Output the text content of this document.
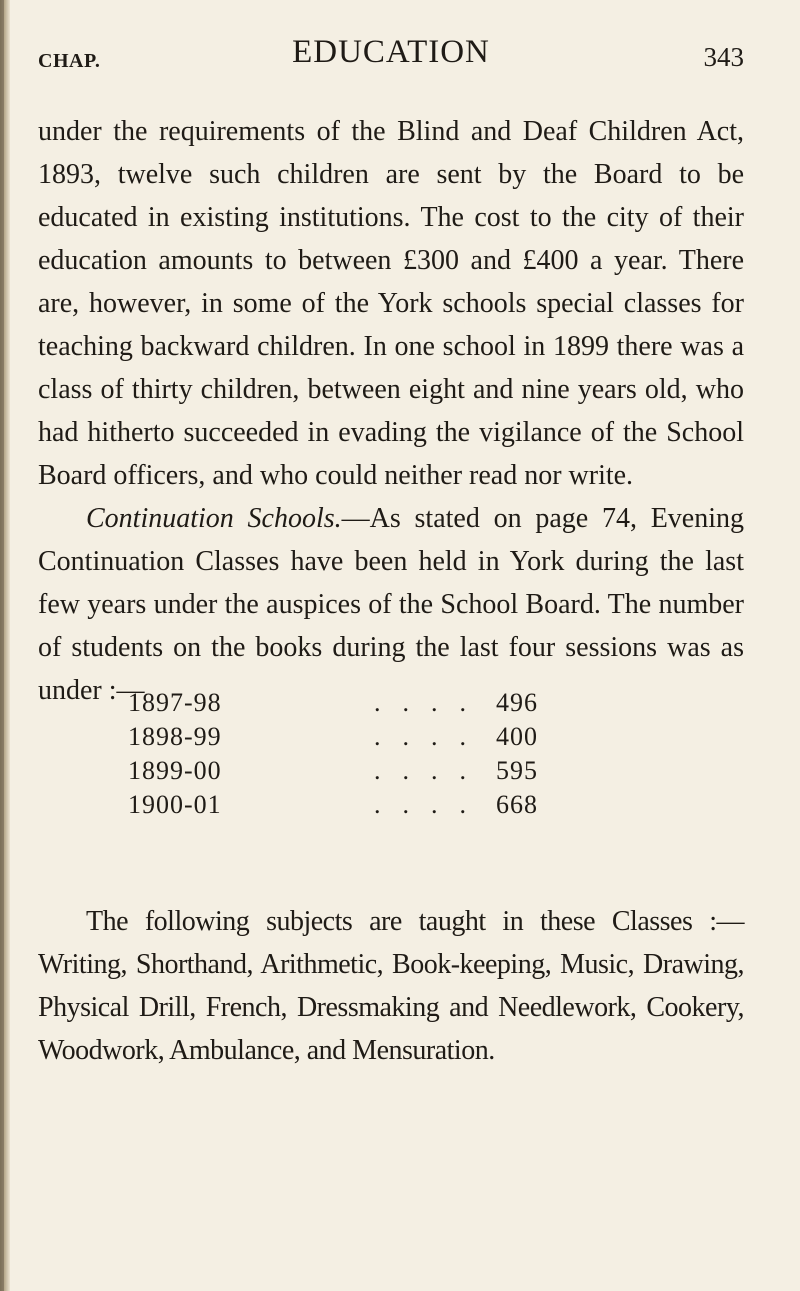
CHAP.	EDUCATION	343

under the requirements of the Blind and Deaf Children Act, 1893, twelve such children are sent by the Board to be educated in existing institutions. The cost to the city of their education amounts to between £300 and £400 a year. There are, however, in some of the York schools special classes for teaching backward children. In one school in 1899 there was a class of thirty children, between eight and nine years old, who had hitherto succeeded in evading the vigilance of the School Board officers, and who could neither read nor write.

Continuation Schools.—As stated on page 74, Evening Continuation Classes have been held in York during the last few years under the auspices of the School Board. The number of students on the books during the last four sessions was as under :—

1897-98	.... 496
1898-99	.... 400
1899-00	.... 595
1900-01	.... 668

The following subjects are taught in these Classes :— Writing, Shorthand, Arithmetic, Book-keeping, Music, Drawing, Physical Drill, French, Dressmaking and Needlework, Cookery, Woodwork, Ambulance, and Mensuration.
